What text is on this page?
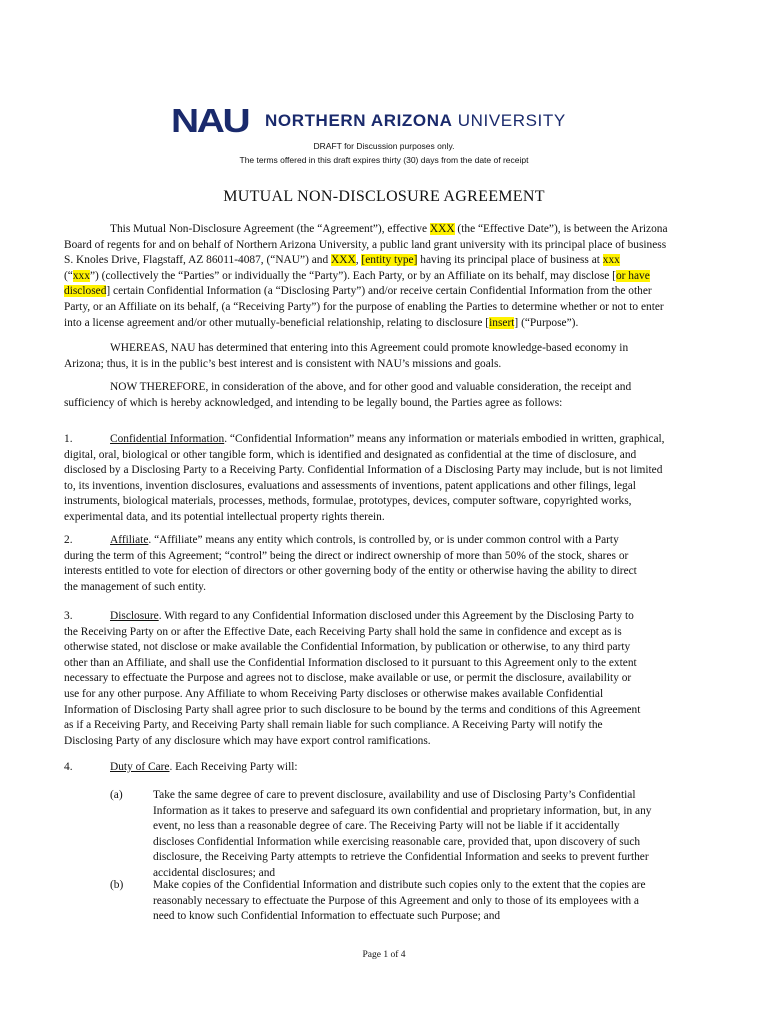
NAU NORTHERN ARIZONA UNIVERSITY
DRAFT for Discussion purposes only.
The terms offered in this draft expires thirty (30) days from the date of receipt
MUTUAL NON-DISCLOSURE AGREEMENT
This Mutual Non-Disclosure Agreement (the “Agreement”), effective XXX (the “Effective Date”), is between the Arizona
Board of regents for and on behalf of Northern Arizona University, a public land grant university with its principal place of business
S. Knoles Drive, Flagstaff, AZ 86011-4087, (“NAU”) and XXX, [entity type] having its principal place of business at xxx
(“xxx”) (collectively the “Parties” or individually the “Party”). Each Party, or by an Affiliate on its behalf, may disclose [or have
disclosed] certain Confidential Information (a “Disclosing Party”) and/or receive certain Confidential Information from the other
Party, or an Affiliate on its behalf, (a “Receiving Party”) for the purpose of enabling the Parties to determine whether or not to enter
into a license agreement and/or other mutually-beneficial relationship, relating to disclosure [insert] (“Purpose”).
WHEREAS, NAU has determined that entering into this Agreement could promote knowledge-based economy in
Arizona; thus, it is in the public’s best interest and is consistent with NAU’s missions and goals.
NOW THEREFORE, in consideration of the above, and for other good and valuable consideration, the receipt and
sufficiency of which is hereby acknowledged, and intending to be legally bound, the Parties agree as follows:
1.	Confidential Information. “Confidential Information” means any information or materials embodied in written, graphical,
digital, oral, biological or other tangible form, which is identified and designated as confidential at the time of disclosure, and
disclosed by a Disclosing Party to a Receiving Party. Confidential Information of a Disclosing Party may include, but is not limited
to, its inventions, invention disclosures, evaluations and assessments of inventions, patent applications and other filings, legal
instruments, biological materials, processes, methods, formulae, prototypes, devices, computer software, copyrighted works,
experimental data, and its potential intellectual property rights therein.
2.	Affiliate. “Affiliate” means any entity which controls, is controlled by, or is under common control with a Party
during the term of this Agreement; “control” being the direct or indirect ownership of more than 50% of the stock, shares or
interests entitled to vote for election of directors or other governing body of the entity or otherwise having the ability to direct
the management of such entity.
3.	Disclosure. With regard to any Confidential Information disclosed under this Agreement by the Disclosing Party to
the Receiving Party on or after the Effective Date, each Receiving Party shall hold the same in confidence and except as is
otherwise stated, not disclose or make available the Confidential Information, by publication or otherwise, to any third party
other than an Affiliate, and shall use the Confidential Information disclosed to it pursuant to this Agreement only to the extent
necessary to effectuate the Purpose and agrees not to disclose, make available or use, or permit the disclosure, availability or
use for any other purpose. Any Affiliate to whom Receiving Party discloses or otherwise makes available Confidential
Information of Disclosing Party shall agree prior to such disclosure to be bound by the terms and conditions of this Agreement
as if a Receiving Party, and Receiving Party shall remain liable for such compliance. A Receiving Party will notify the
Disclosing Party of any disclosure which may have export control ramifications.
4.	Duty of Care. Each Receiving Party will:
(a)	Take the same degree of care to prevent disclosure, availability and use of Disclosing Party’s Confidential
Information as it takes to preserve and safeguard its own confidential and proprietary information, but, in any
event, no less than a reasonable degree of care. The Receiving Party will not be liable if it accidentally
discloses Confidential Information while exercising reasonable care, provided that, upon discovery of such
disclosure, the Receiving Party attempts to retrieve the Confidential Information and seeks to prevent further
accidental disclosures; and
(b)	Make copies of the Confidential Information and distribute such copies only to the extent that the copies are
reasonably necessary to effectuate the Purpose of this Agreement and only to those of its employees with a
need to know such Confidential Information to effectuate such Purpose; and
Page 1 of 4
